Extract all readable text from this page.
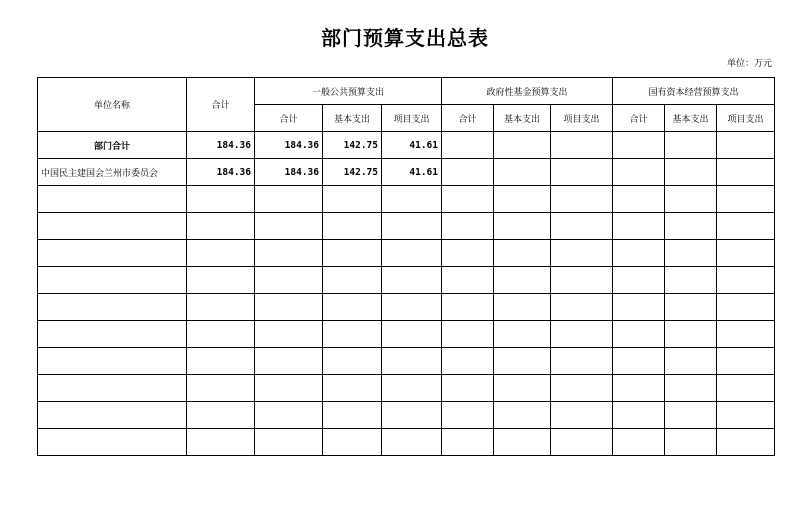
部门预算支出总表
单位：万元
单位名称	合计	一般公共预算支出			政府性基金预算支出			国有资本经营预算支出		
		合计	基本支出	项目支出	合计	基本支出	项目支出	合计	基本支出	项目支出
部门合计	184.36	184.36	142.75	41.61						
中国民主建国会兰州市委员会	184.36	184.36	142.75	41.61						
